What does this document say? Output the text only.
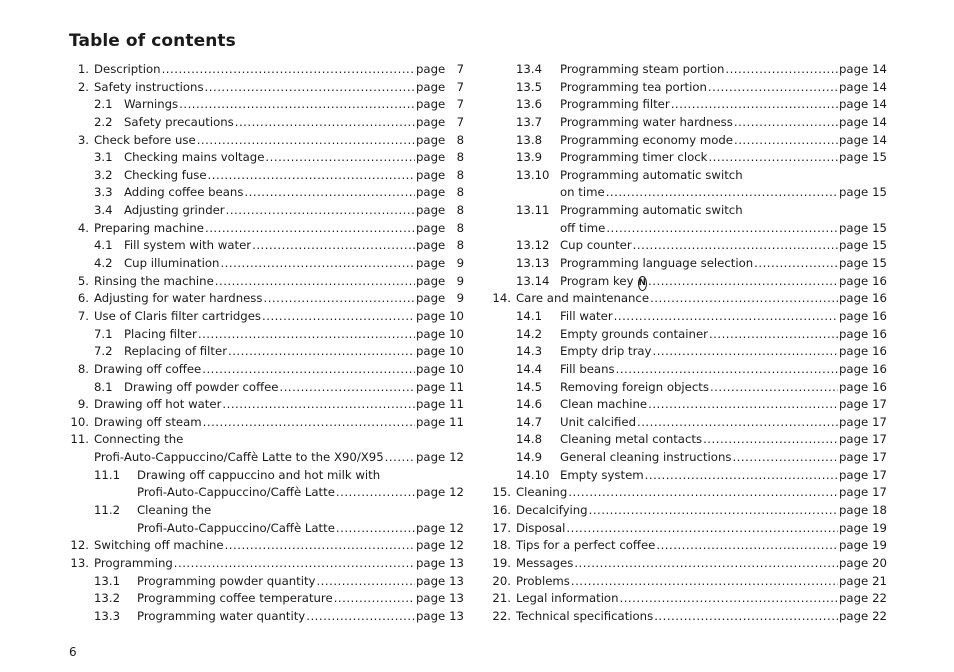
Table of contents
1. Description .....	page 7
2. Safety instructions .....	page 7
2.1 Warnings .....	page 7
2.2 Safety precautions .....	page 7
3. Check before use .....	page 8
3.1 Checking mains voltage .....	page 8
3.2 Checking fuse .....	page 8
3.3 Adding coffee beans .....	page 8
3.4 Adjusting grinder .....	page 8
4. Preparing machine .....	page 8
4.1 Fill system with water .....	page 8
4.2 Cup illumination .....	page 9
5. Rinsing the machine .....	page 9
6. Adjusting for water hardness .....	page 9
7. Use of Claris filter cartridges .....	page 10
7.1 Placing filter .....	page 10
7.2 Replacing of filter .....	page 10
8. Drawing off coffee .....	page 10
8.1 Drawing off powder coffee .....	page 11
9. Drawing off hot water .....	page 11
10. Drawing off steam .....	page 11
11. Connecting the
Profi-Auto-Cappuccino/Caffè Latte to the X90/X95 .....	page 12
11.1	Drawing off cappuccino and hot milk with
Profi-Auto-Cappuccino/Caffè Latte .....	page 12
11.2	Cleaning the
Profi-Auto-Cappuccino/Caffè Latte .....	page 12
12. Switching off machine .....	page 12
13. Programming .....	page 13
13.1	Programming powder quantity .....	page 13
13.2	Programming coffee temperature .....	page 13
13.3	Programming water quantity .....	page 13
13.4	Programming steam portion .....	page 14
13.5	Programming tea portion .....	page 14
13.6	Programming filter .....	page 14
13.7	Programming water hardness .....	page 14
13.8	Programming economy mode .....	page 14
13.9	Programming timer clock .....	page 15
13.10 Programming automatic switch
on time .....	page 15
13.11 Programming automatic switch
off time .....	page 15
13.12 Cup counter .....	page 15
13.13 Programming language selection .....	page 15
13.14 Program key N .....	page 16
14. Care and maintenance .....	page 16
14.1	Fill water .....	page 16
14.2	Empty grounds container .....	page 16
14.3	Empty drip tray .....	page 16
14.4	Fill beans .....	page 16
14.5	Removing foreign objects .....	page 16
14.6	Clean machine .....	page 17
14.7	Unit calcified .....	page 17
14.8	Cleaning metal contacts .....	page 17
14.9	General cleaning instructions .....	page 17
14.10 Empty system .....	page 17
15. Cleaning .....	page 17
16. Decalcifying .....	page 18
17. Disposal .....	page 19
18. Tips for a perfect coffee .....	page 19
19. Messages .....	page 20
20. Problems .....	page 21
21. Legal information .....	page 22
22. Technical specifications .....	page 22
6
